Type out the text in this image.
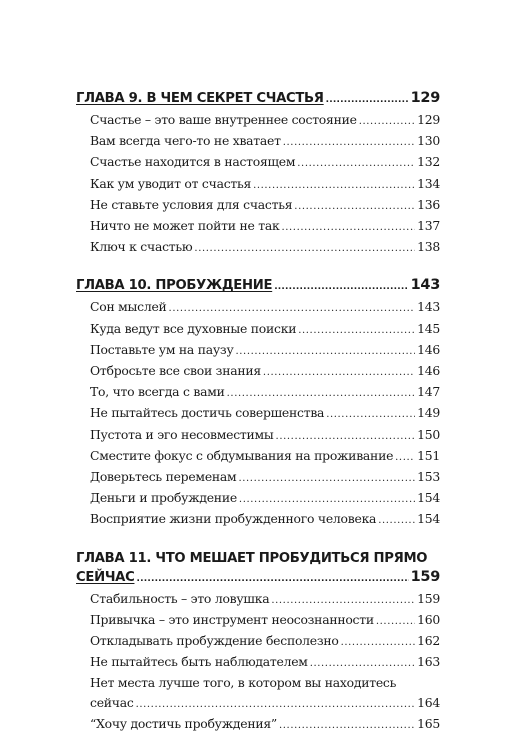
ГЛАВА 9. В ЧЕМ СЕКРЕТ СЧАСТЬЯ .....	129
Счастье – это ваше внутреннее состояние .....	129
Вам всегда чего-то не хватает .....	130
Счастье находится в настоящем .....	132
Как ум уводит от счастья .....	134
Не ставьте условия для счастья .....	136
Ничто не может пойти не так .....	137
Ключ к счастью .....	138
ГЛАВА 10. ПРОБУЖДЕНИЕ .....	143
Сон мыслей .....	143
Куда ведут все духовные поиски .....	145
Поставьте ум на паузу .....	146
Отбросьте все свои знания .....	146
То, что всегда с вами .....	147
Не пытайтесь достичь совершенства .....	149
Пустота и эго несовместимы .....	150
Сместите фокус с обдумывания на проживание ..... 151
Доверьтесь переменам .....	153
Деньги и пробуждение .....	154
Восприятие жизни пробужденного человека .....	154
ГЛАВА 11. ЧТО МЕШАЕТ ПРОБУДИТЬСЯ ПРЯМО
СЕЙЧАС .....	159
Стабильность – это ловушка .....	159
Привычка – это инструмент неосознанности .....	160
Откладывать пробуждение бесполезно .....	162
Не пытайтесь быть наблюдателем .....	163
Нет места лучше того, в котором вы находитесь
сейчас .....	164
“Хочу достичь пробуждения” .....	165
